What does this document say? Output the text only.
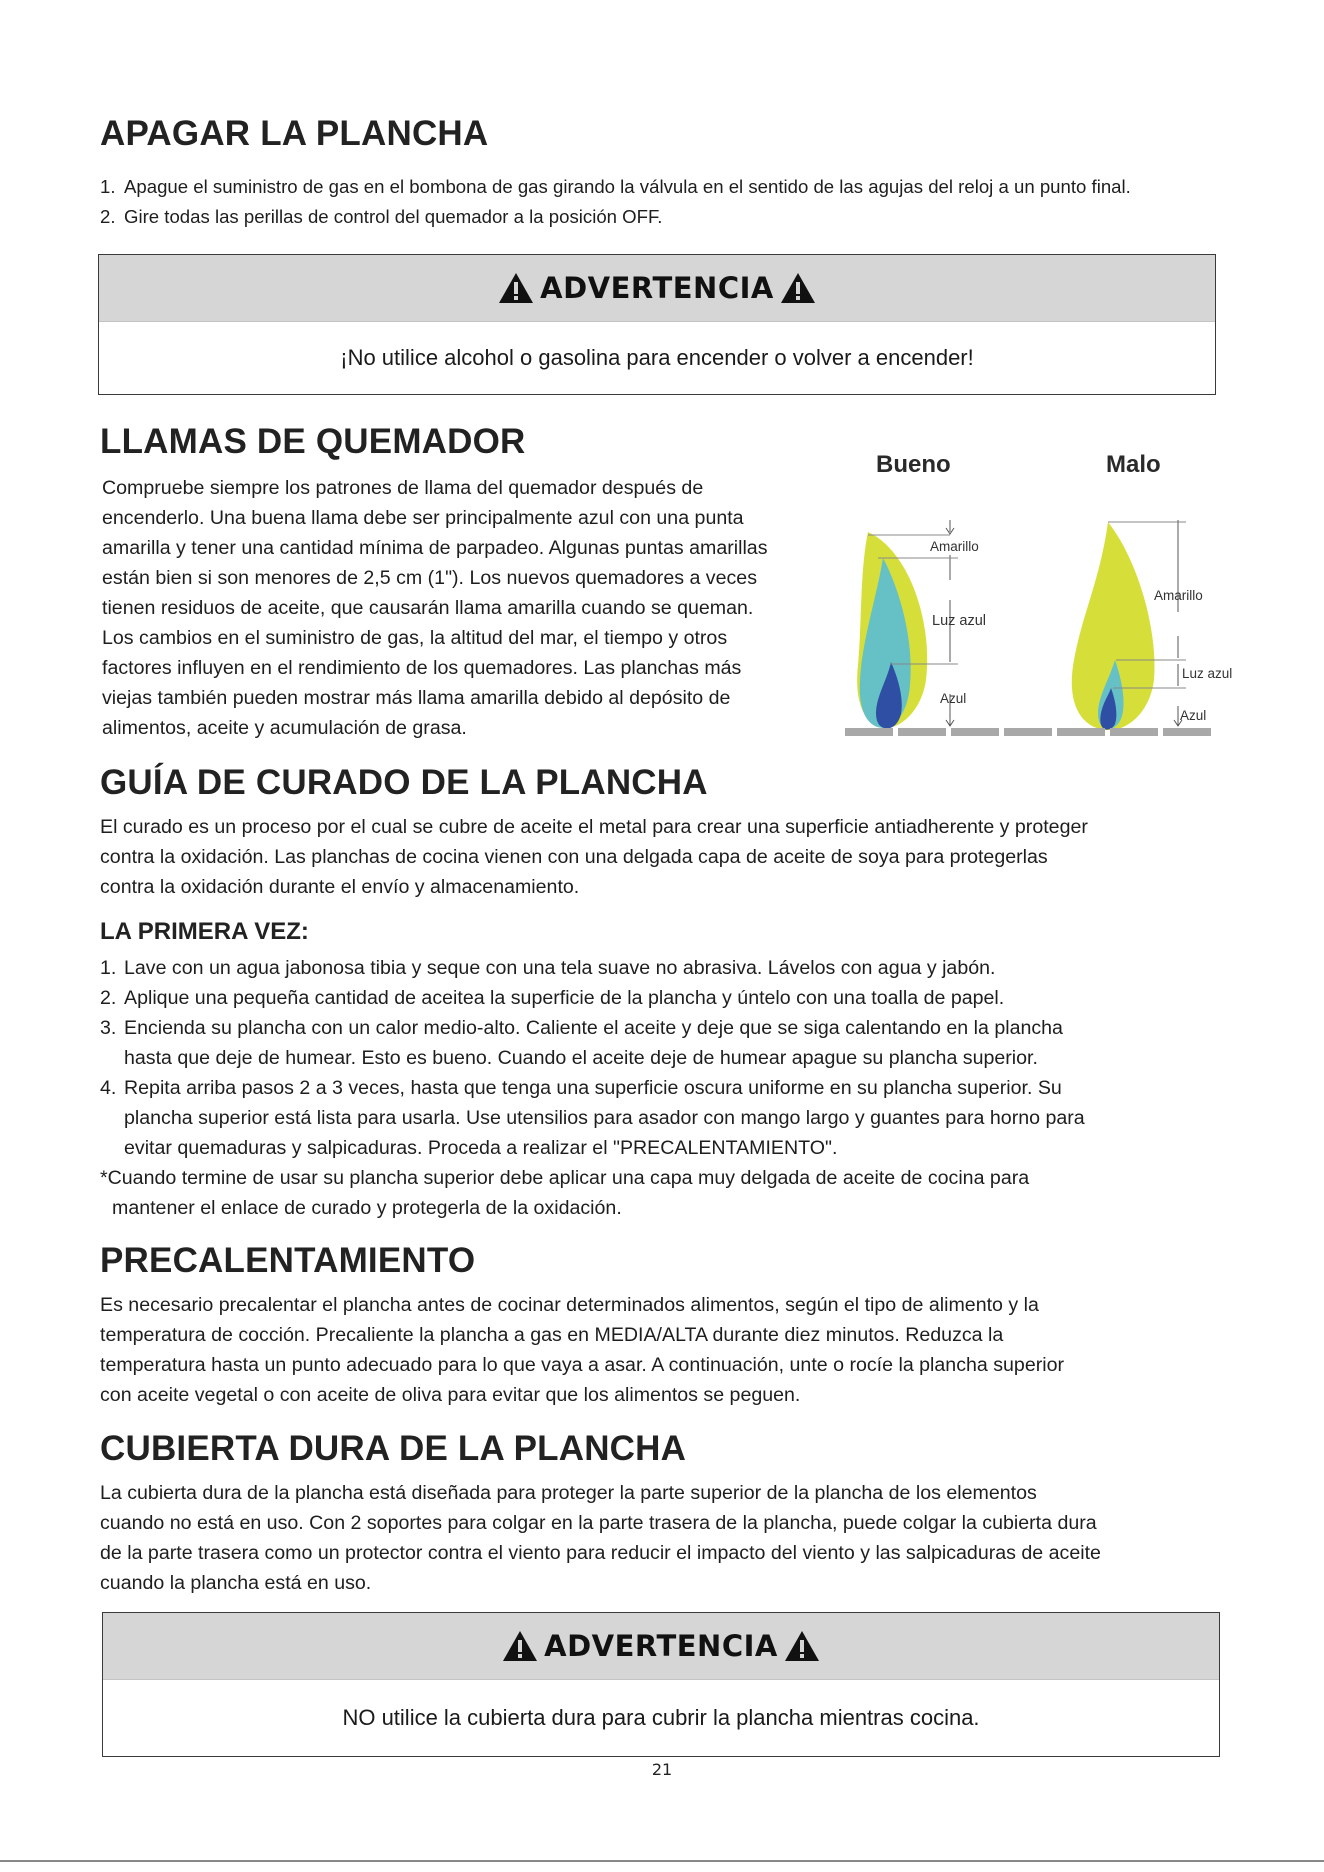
APAGAR LA PLANCHA
1. Apague el suministro de gas en el bombona de gas girando la válvula en el sentido de las agujas del reloj a un punto final.
2. Gire todas las perillas de control del quemador a la posición OFF.
ADVERTENCIA
¡No utilice alcohol o gasolina para encender o volver a encender!
LLAMAS DE QUEMADOR
Compruebe siempre los patrones de llama del quemador después de
encenderlo. Una buena llama debe ser principalmente azul con una punta
amarilla y tener una cantidad mínima de parpadeo. Algunas puntas amarillas
están bien si son menores de 2,5 cm (1"). Los nuevos quemadores a veces
tienen residuos de aceite, que causarán llama amarilla cuando se queman.
Los cambios en el suministro de gas, la altitud del mar, el tiempo y otros
factores influyen en el rendimiento de los quemadores. Las planchas más
viejas también pueden mostrar más llama amarilla debido al depósito de
alimentos, aceite y acumulación de grasa.
Bueno	Malo
Amarillo
Luz azul
Azul
Amarillo
Luz azul
Azul
GUÍA DE CURADO DE LA PLANCHA
El curado es un proceso por el cual se cubre de aceite el metal para crear una superficie antiadherente y proteger
contra la oxidación. Las planchas de cocina vienen con una delgada capa de aceite de soya para protegerlas
contra la oxidación durante el envío y almacenamiento.
LA PRIMERA VEZ:
1. Lave con un agua jabonosa tibia y seque con una tela suave no abrasiva. Lávelos con agua y jabón.
2. Aplique una pequeña cantidad de aceitea la superficie de la plancha y úntelo con una toalla de papel.
3. Encienda su plancha con un calor medio-alto. Caliente el aceite y deje que se siga calentando en la plancha
hasta que deje de humear. Esto es bueno. Cuando el aceite deje de humear apague su plancha superior.
4. Repita arriba pasos 2 a 3 veces, hasta que tenga una superficie oscura uniforme en su plancha superior. Su
plancha superior está lista para usarla. Use utensilios para asador con mango largo y guantes para horno para
evitar quemaduras y salpicaduras. Proceda a realizar el "PRECALENTAMIENTO".
*Cuando termine de usar su plancha superior debe aplicar una capa muy delgada de aceite de cocina para
mantener el enlace de curado y protegerla de la oxidación.
PRECALENTAMIENTO
Es necesario precalentar el plancha antes de cocinar determinados alimentos, según el tipo de alimento y la
temperatura de cocción. Precaliente la plancha a gas en MEDIA/ALTA durante diez minutos. Reduzca la
temperatura hasta un punto adecuado para lo que vaya a asar. A continuación, unte o rocíe la plancha superior
con aceite vegetal o con aceite de oliva para evitar que los alimentos se peguen.
CUBIERTA DURA DE LA PLANCHA
La cubierta dura de la plancha está diseñada para proteger la parte superior de la plancha de los elementos
cuando no está en uso. Con 2 soportes para colgar en la parte trasera de la plancha, puede colgar la cubierta dura
de la parte trasera como un protector contra el viento para reducir el impacto del viento y las salpicaduras de aceite
cuando la plancha está en uso.
ADVERTENCIA
NO utilice la cubierta dura para cubrir la plancha mientras cocina.
21
